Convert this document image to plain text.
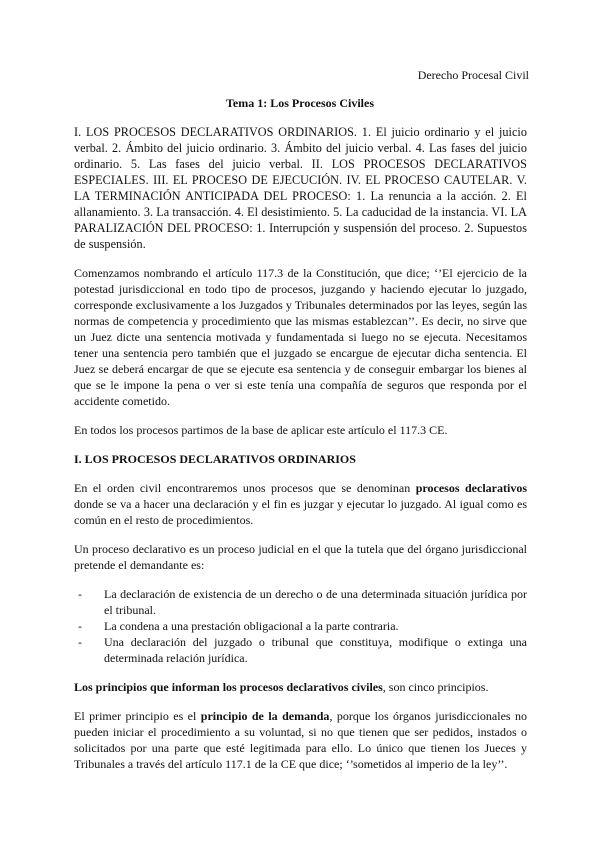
Derecho Procesal Civil
Tema 1: Los Procesos Civiles

I. LOS PROCESOS DECLARATIVOS ORDINARIOS. 1. El juicio ordinario y el juicio verbal. 2. Ámbito del juicio ordinario. 3. Ámbito del juicio verbal. 4. Las fases del juicio ordinario. 5. Las fases del juicio verbal. II. LOS PROCESOS DECLARATIVOS ESPECIALES. III. EL PROCESO DE EJECUCIÓN. IV. EL PROCESO CAUTELAR. V. LA TERMINACIÓN ANTICIPADA DEL PROCESO: 1. La renuncia a la acción. 2. El allanamiento. 3. La transacción. 4. El desistimiento. 5. La caducidad de la instancia. VI. LA PARALIZACIÓN DEL PROCESO: 1. Interrupción y suspensión del proceso. 2. Supuestos de suspensión.

Comenzamos nombrando el artículo 117.3 de la Constitución, que dice; ‘’El ejercicio de la potestad jurisdiccional en todo tipo de procesos, juzgando y haciendo ejecutar lo juzgado, corresponde exclusivamente a los Juzgados y Tribunales determinados por las leyes, según las normas de competencia y procedimiento que las mismas establezcan’’. Es decir, no sirve que un Juez dicte una sentencia motivada y fundamentada si luego no se ejecuta. Necesitamos tener una sentencia pero también que el juzgado se encargue de ejecutar dicha sentencia. El Juez se deberá encargar de que se ejecute esa sentencia y de conseguir embargar los bienes al que se le impone la pena o ver si este tenía una compañía de seguros que responda por el accidente cometido.

En todos los procesos partimos de la base de aplicar este artículo el 117.3 CE.

I. LOS PROCESOS DECLARATIVOS ORDINARIOS

En el orden civil encontraremos unos procesos que se denominan procesos declarativos donde se va a hacer una declaración y el fin es juzgar y ejecutar lo juzgado. Al igual como es común en el resto de procedimientos.

Un proceso declarativo es un proceso judicial en el que la tutela que del órgano jurisdiccional pretende el demandante es:

- La declaración de existencia de un derecho o de una determinada situación jurídica por el tribunal.
- La condena a una prestación obligacional a la parte contraria.
- Una declaración del juzgado o tribunal que constituya, modifique o extinga una determinada relación jurídica.

Los principios que informan los procesos declarativos civiles, son cinco principios.

El primer principio es el principio de la demanda, porque los órganos jurisdiccionales no pueden iniciar el procedimiento a su voluntad, si no que tienen que ser pedidos, instados o solicitados por una parte que esté legitimada para ello. Lo único que tienen los Jueces y Tribunales a través del artículo 117.1 de la CE que dice; ‘’sometidos al imperio de la ley’’.
